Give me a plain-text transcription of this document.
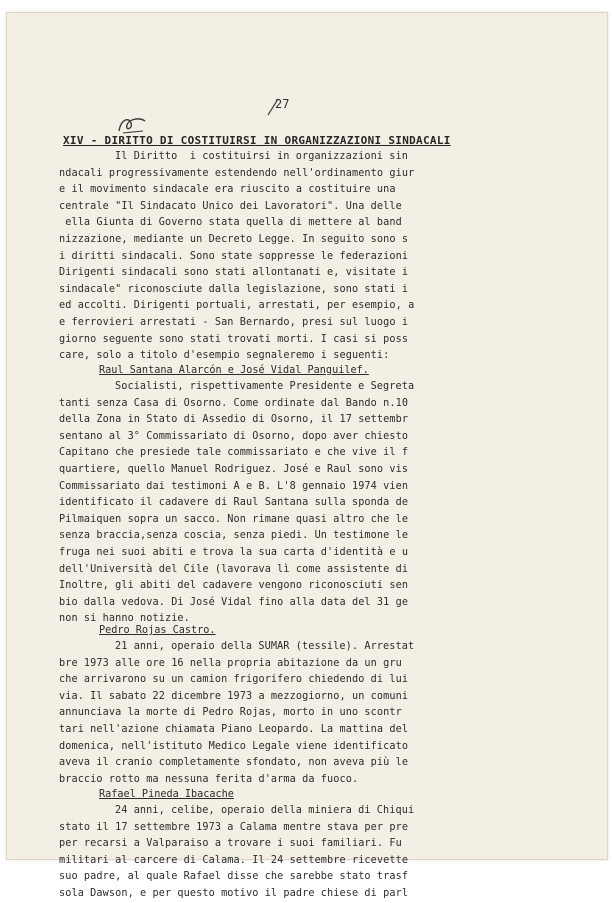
27
XIV - DIRITTO DI COSTITUIRSI IN ORGANIZZAZIONI SINDACALI
Il Diritto  i costituirsi in organizzazioni sin
ndacali progressivamente estendendo nell'ordinamento giur
e il movimento sindacale era riuscito a costituire una
centrale "Il Sindacato Unico dei Lavoratori". Una delle
ella Giunta di Governo stata quella di mettere al band
nizzazione, mediante un Decreto Legge. In seguito sono s
i diritti sindacali. Sono state soppresse le federazioni
Dirigenti sindacali sono stati allontanati e, visitate i
sindacale" riconosciute dalla legislazione, sono stati i
ed accolti. Dirigenti portuali, arrestati, per esempio, a
e ferrovieri arrestati - San Bernardo, presi sul luogo i
giorno seguente sono stati trovati morti. I casi si poss
care, solo a titolo d'esempio segnaleremo i seguenti:
Raul Santana Alarcón e José Vidal Panguilef.
Socialisti, rispettivamente Presidente e Segreta
tanti senza Casa di Osorno. Come ordinate dal Bando n.10
della Zona in Stato di Assedio di Osorno, il 17 settembr
sentano al 3° Commissariato di Osorno, dopo aver chiesto
Capitano che presiede tale commissariato e che vive il f
quartiere, quello Manuel Rodriguez. José e Raul sono vis
Commissariato dai testimoni A e B. L'8 gennaio 1974 vien
identificato il cadavere di Raul Santana sulla sponda de
Pilmaiquen sopra un sacco. Non rimane quasi altro che le
senza braccia,senza coscia, senza piedi. Un testimone le
fruga nei suoi abiti e trova la sua carta d'identità e u
dell'Università del Cile (lavorava lì come assistente di
Inoltre, gli abiti del cadavere vengono riconosciuti sen
bio dalla vedova. Di José Vidal fino alla data del 31 ge
non si hanno notizie.
Pedro Rojas Castro.
21 anni, operaio della SUMAR (tessile). Arrestat
bre 1973 alle ore 16 nella propria abitazione da un gru
che arrivarono su un camion frigorifero chiedendo di lui
via. Il sabato 22 dicembre 1973 a mezzogiorno, un comuni
annunciava la morte di Pedro Rojas, morto in uno scontr
tari nell'azione chiamata Piano Leopardo. La mattina del
domenica, nell'istituto Medico Legale viene identificato
aveva il cranio completamente sfondato, non aveva più le
braccio rotto ma nessuna ferita d'arma da fuoco.
Rafael Pineda Ibacache
24 anni, celibe, operaio della miniera di Chiqui
stato il 17 settembre 1973 a Calama mentre stava per pre
per recarsi a Valparaiso a trovare i suoi familiari. Fu
militari al carcere di Calama. Il 24 settembre ricevette
suo padre, al quale Rafael disse che sarebbe stato trasf
sola Dawson, e per questo motivo il padre chiese di parl
